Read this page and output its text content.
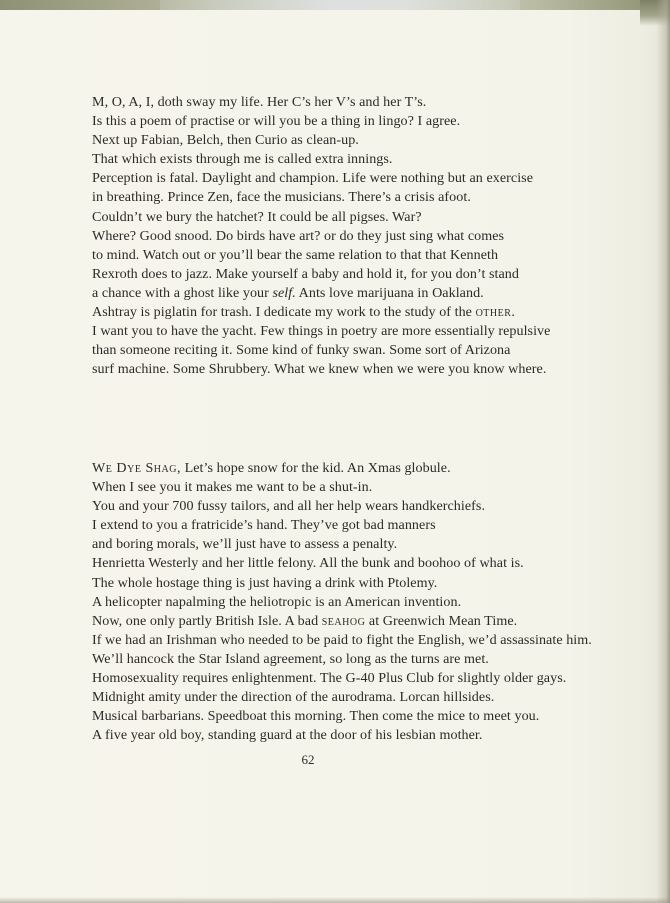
M, O, A, I, doth sway my life. Her C’s her V’s and her T’s.
Is this a poem of practise or will you be a thing in lingo? I agree.
Next up Fabian, Belch, then Curio as clean-up.
That which exists through me is called extra innings.
Perception is fatal. Daylight and champion. Life were nothing but an exercise
in breathing. Prince Zen, face the musicians. There’s a crisis afoot.
Couldn’t we bury the hatchet? It could be all pigses. War?
Where? Good snood. Do birds have art? or do they just sing what comes
to mind. Watch out or you’ll bear the same relation to that that Kenneth
Rexroth does to jazz. Make yourself a baby and hold it, for you don’t stand
a chance with a ghost like your self. Ants love marijuana in Oakland.
Ashtray is piglatin for trash. I dedicate my work to the study of the other.
I want you to have the yacht. Few things in poetry are more essentially repulsive
than someone reciting it. Some kind of funky swan. Some sort of Arizona
surf machine. Some Shrubbery. What we knew when we were you know where.
We Dye Shag, Let’s hope snow for the kid. An Xmas globule.
When I see you it makes me want to be a shut-in.
You and your 700 fussy tailors, and all her help wears handkerchiefs.
I extend to you a fratricide’s hand. They’ve got bad manners
and boring morals, we’ll just have to assess a penalty.
Henrietta Westerly and her little felony. All the bunk and boohoo of what is.
The whole hostage thing is just having a drink with Ptolemy.
A helicopter napalming the heliotropic is an American invention.
Now, one only partly British Isle. A bad seahog at Greenwich Mean Time.
If we had an Irishman who needed to be paid to fight the English, we’d assassinate him.
We’ll hancock the Star Island agreement, so long as the turns are met.
Homosexuality requires enlightenment. The G-40 Plus Club for slightly older gays.
Midnight amity under the direction of the aurodrama. Lorcan hillsides.
Musical barbarians. Speedboat this morning. Then come the mice to meet you.
A five year old boy, standing guard at the door of his lesbian mother.
62
